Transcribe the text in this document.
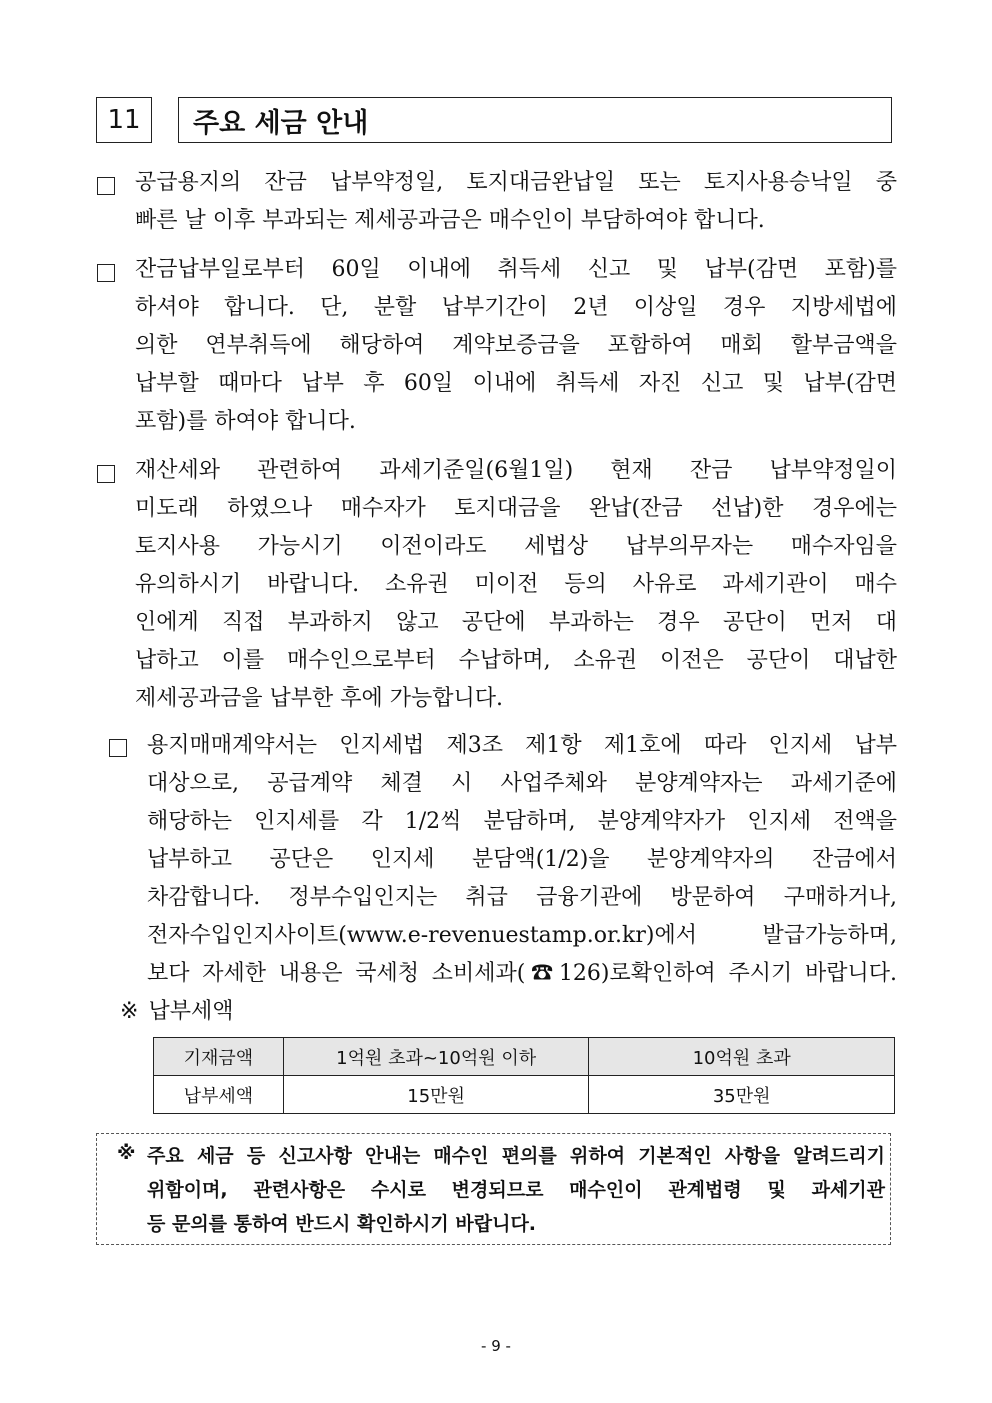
11	주요 세금 안내
공급용지의 잔금 납부약정일, 토지대금완납일 또는 토지사용승낙일 중
빠른 날 이후 부과되는 제세공과금은 매수인이 부담하여야 합니다.
잔금납부일로부터 60일 이내에 취득세 신고 및 납부(감면 포함)를
하셔야 합니다. 단, 분할 납부기간이 2년 이상일 경우 지방세법에
의한 연부취득에 해당하여 계약보증금을 포함하여 매회 할부금액을
납부할 때마다 납부 후 60일 이내에 취득세 자진 신고 및 납부(감면
포함)를 하여야 합니다.
재산세와 관련하여 과세기준일(6월1일) 현재 잔금 납부약정일이
미도래 하였으나 매수자가 토지대금을 완납(잔금 선납)한 경우에는
토지사용 가능시기 이전이라도 세법상 납부의무자는 매수자임을
유의하시기 바랍니다. 소유권 미이전 등의 사유로 과세기관이 매수
인에게 직접 부과하지 않고 공단에 부과하는 경우 공단이 먼저 대
납하고 이를 매수인으로부터 수납하며, 소유권 이전은 공단이 대납한
제세공과금을 납부한 후에 가능합니다.
용지매매계약서는 인지세법 제3조 제1항 제1호에 따라 인지세 납부
대상으로, 공급계약 체결 시 사업주체와 분양계약자는 과세기준에
해당하는 인지세를 각 1/2씩 분담하며, 분양계약자가 인지세 전액을
납부하고 공단은 인지세 분담액(1/2)을 분양계약자의 잔금에서
차감합니다. 정부수입인지는 취급 금융기관에 방문하여 구매하거나,
전자수입인지사이트(www.e-revenuestamp.or.kr)에서 발급가능하며,
보다 자세한 내용은 국세청 소비세과(☎126)로확인하여 주시기 바랍니다.
※ 납부세액
기재금액	1억원 초과~10억원 이하	10억원 초과
납부세액	15만원	35만원
※ 주요 세금 등 신고사항 안내는 매수인 편의를 위하여 기본적인 사항을 알려드리기
위함이며, 관련사항은 수시로 변경되므로 매수인이 관계법령 및 과세기관
등 문의를 통하여 반드시 확인하시기 바랍니다.
- 9 -
